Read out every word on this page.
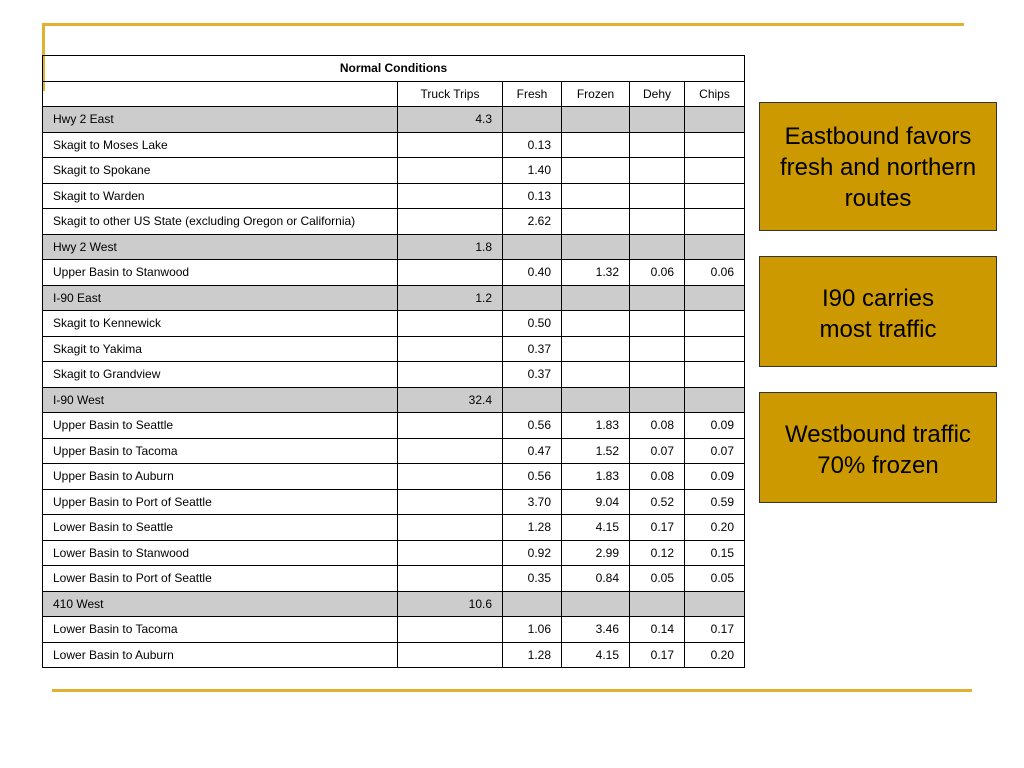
Normal Conditions					
	Truck Trips	Fresh	Frozen	Dehy	Chips
Hwy 2 East	4.3				
Skagit to Moses Lake		0.13			
Skagit to Spokane		1.40			
Skagit to Warden		0.13			
Skagit to other US State (excluding Oregon or California)		2.62			
Hwy 2 West	1.8				
Upper Basin to Stanwood		0.40	1.32	0.06	0.06
I-90 East	1.2				
Skagit to Kennewick		0.50			
Skagit to Yakima		0.37			
Skagit to Grandview		0.37			
I-90 West	32.4				
Upper Basin to Seattle		0.56	1.83	0.08	0.09
Upper Basin to Tacoma		0.47	1.52	0.07	0.07
Upper Basin to Auburn		0.56	1.83	0.08	0.09
Upper Basin to Port of Seattle		3.70	9.04	0.52	0.59
Lower Basin to Seattle		1.28	4.15	0.17	0.20
Lower Basin to Stanwood		0.92	2.99	0.12	0.15
Lower Basin to Port of Seattle		0.35	0.84	0.05	0.05
410 West	10.6				
Lower Basin to Tacoma		1.06	3.46	0.14	0.17
Lower Basin to Auburn		1.28	4.15	0.17	0.20
Eastbound favors
fresh and northern
routes
I90 carries
most traffic
Westbound traffic
70% frozen
